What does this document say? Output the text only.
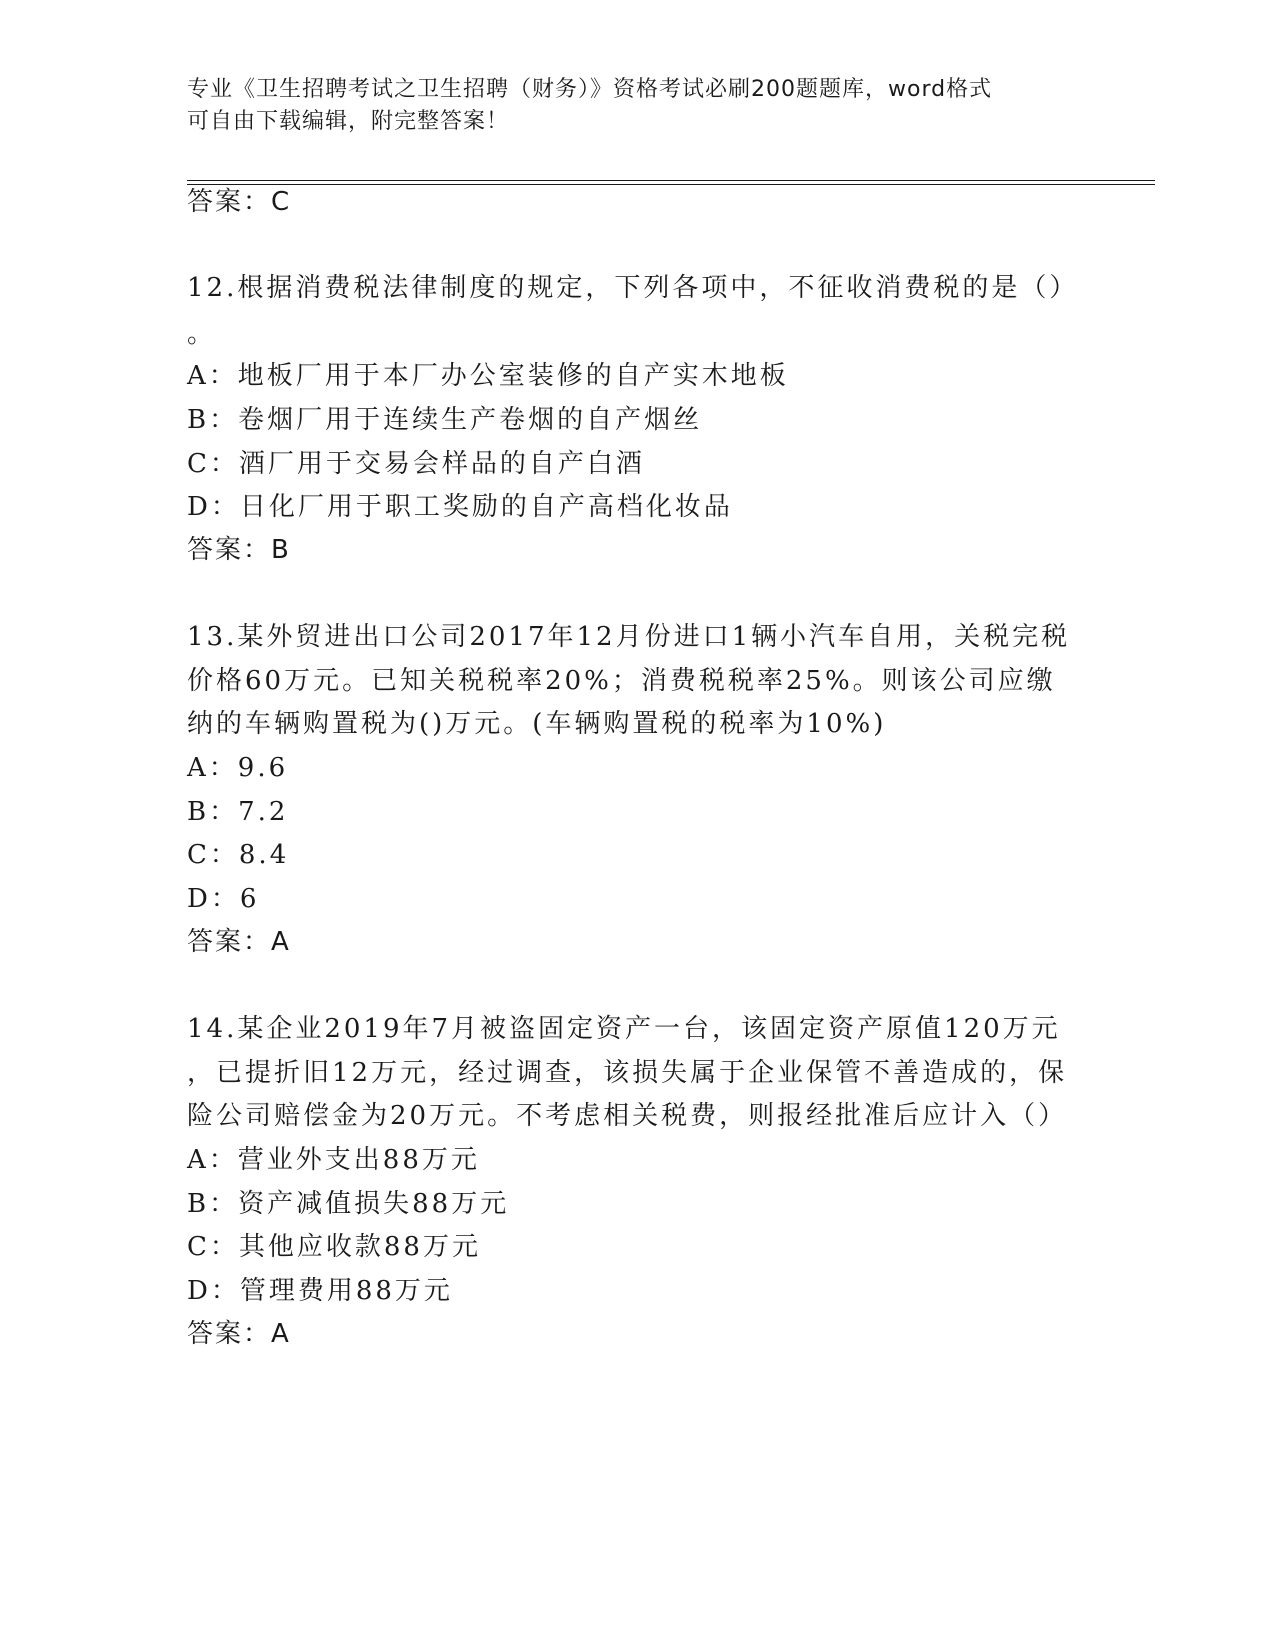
专业《卫生招聘考试之卫生招聘（财务）》资格考试必刷200题题库，word格式
可自由下载编辑，附完整答案！
答案：C
12.根据消费税法律制度的规定，下列各项中，不征收消费税的是（）
。
A：地板厂用于本厂办公室装修的自产实木地板
B：卷烟厂用于连续生产卷烟的自产烟丝
C：酒厂用于交易会样品的自产白酒
D：日化厂用于职工奖励的自产高档化妆品
答案：B
13.某外贸进出口公司2017年12月份进口1辆小汽车自用，关税完税
价格60万元。已知关税税率20%；消费税税率25%。则该公司应缴
纳的车辆购置税为()万元。(车辆购置税的税率为10%)
A：9.6
B：7.2
C：8.4
D：6
答案：A
14.某企业2019年7月被盗固定资产一台，该固定资产原值120万元
，已提折旧12万元，经过调查，该损失属于企业保管不善造成的，保
险公司赔偿金为20万元。不考虑相关税费，则报经批准后应计入（）
A：营业外支出88万元
B：资产减值损失88万元
C：其他应收款88万元
D：管理费用88万元
答案：A
